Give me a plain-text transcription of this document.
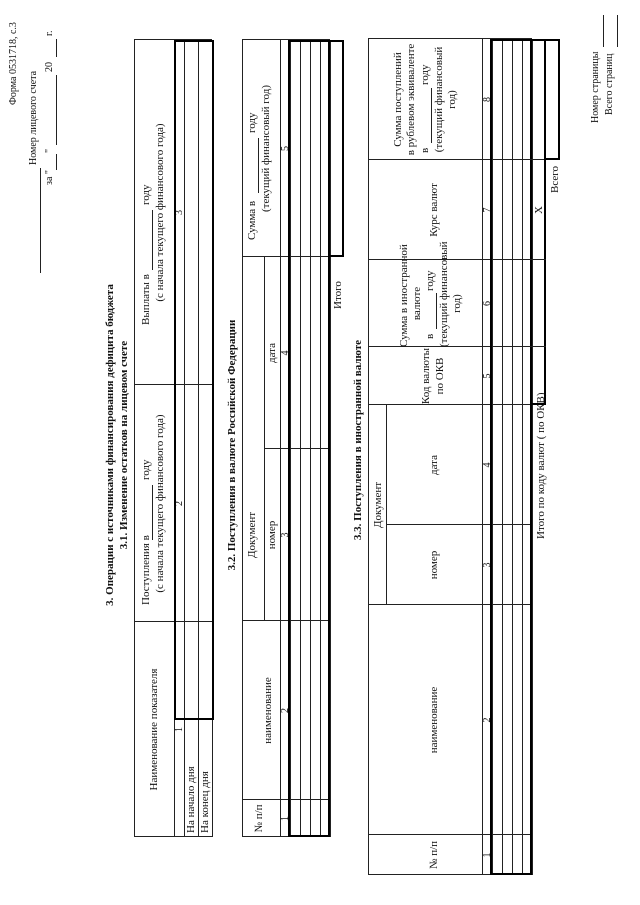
Форма 0531718, с.3
Номер лицевого счета
за "
"
20
г.
3. Операции с источниками финансирования дефицита бюджета 3.1. Изменение остатков на лицевом счете
Наименование показателя
Поступления в
году (с начала текущего финансового года)
Выплаты в
году (с начала текущего финансового года)
1
2
3
На начало дня На конец дня
3.2. Поступления в валюте Российской Федерации
№ п/п
наименование
Документ номер
дата
Сумма в
году (текущий финансовый год)
1
2
3
4
5
Итого
3.3. Поступления в иностранной валюте
№ п/п
наименование
Документ
номер
дата
Код валюты по ОКВ
Сумма в иностранной валюте
в
году (текущий финансовый год)
Курс валют
Сумма поступлений в рублевом эквиваленте в
году (текущий финансовый год)
1
2
3
4
5
6
7
8
Итого по коду валют ( по ОКВ)
Х
Всего
Номер страницы Всего страниц
